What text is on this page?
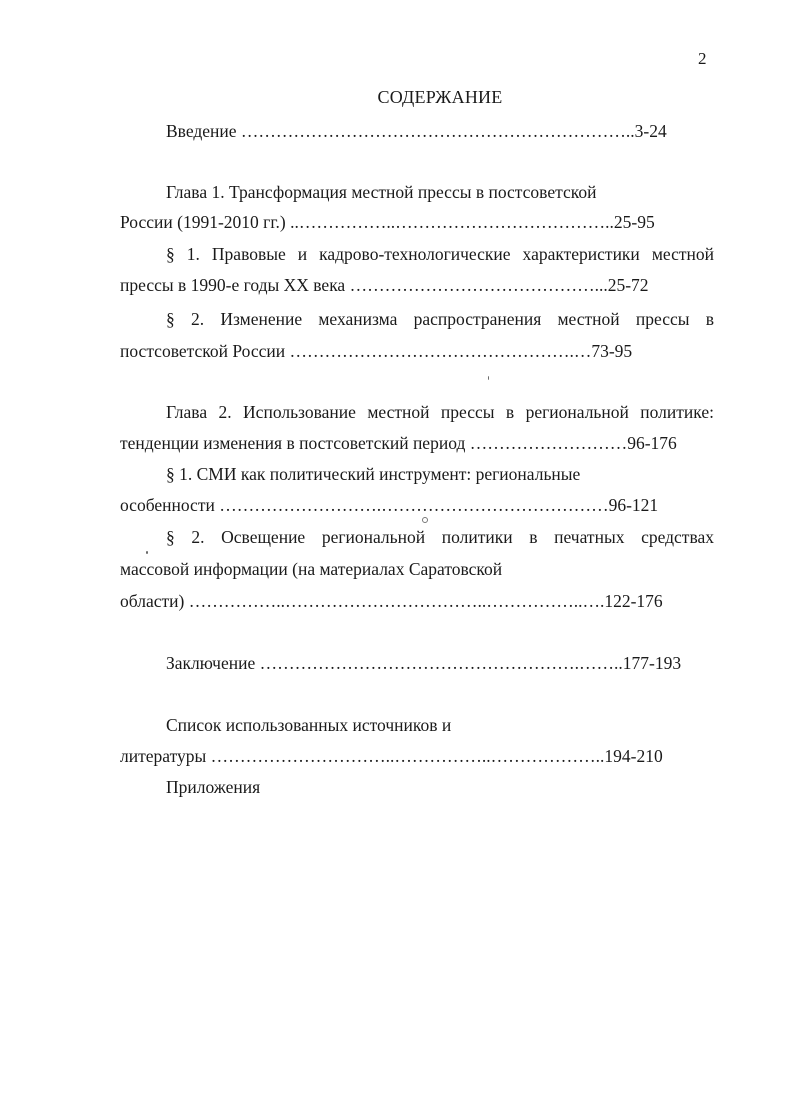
2
СОДЕРЖАНИЕ
Введение …………………………………………………………..3-24
Глава 1. Трансформация местной прессы в постсоветской
России (1991-2010 гг.) ..……………..………………………………..25-95
§ 1. Правовые и кадрово-технологические характеристики местной
прессы в 1990-е годы XX века ……………………………………...25-72
§ 2. Изменение механизма распространения местной прессы в
постсоветской России ………………………………………….…73-95
Глава 2. Использование местной прессы в региональной политике:
тенденции изменения в постсоветский период ………………………96-176
§ 1. СМИ как политический инструмент: региональные
особенности ……………………….…………………………………96-121
§ 2. Освещение региональной политики в печатных средствах
массовой информации (на материалах Саратовской
области) ……………..……………………………..……………..….122-176
Заключение ……………………………………………….……..177-193
Список использованных источников и
литературы …………………………..……………..………………..194-210
Приложения
